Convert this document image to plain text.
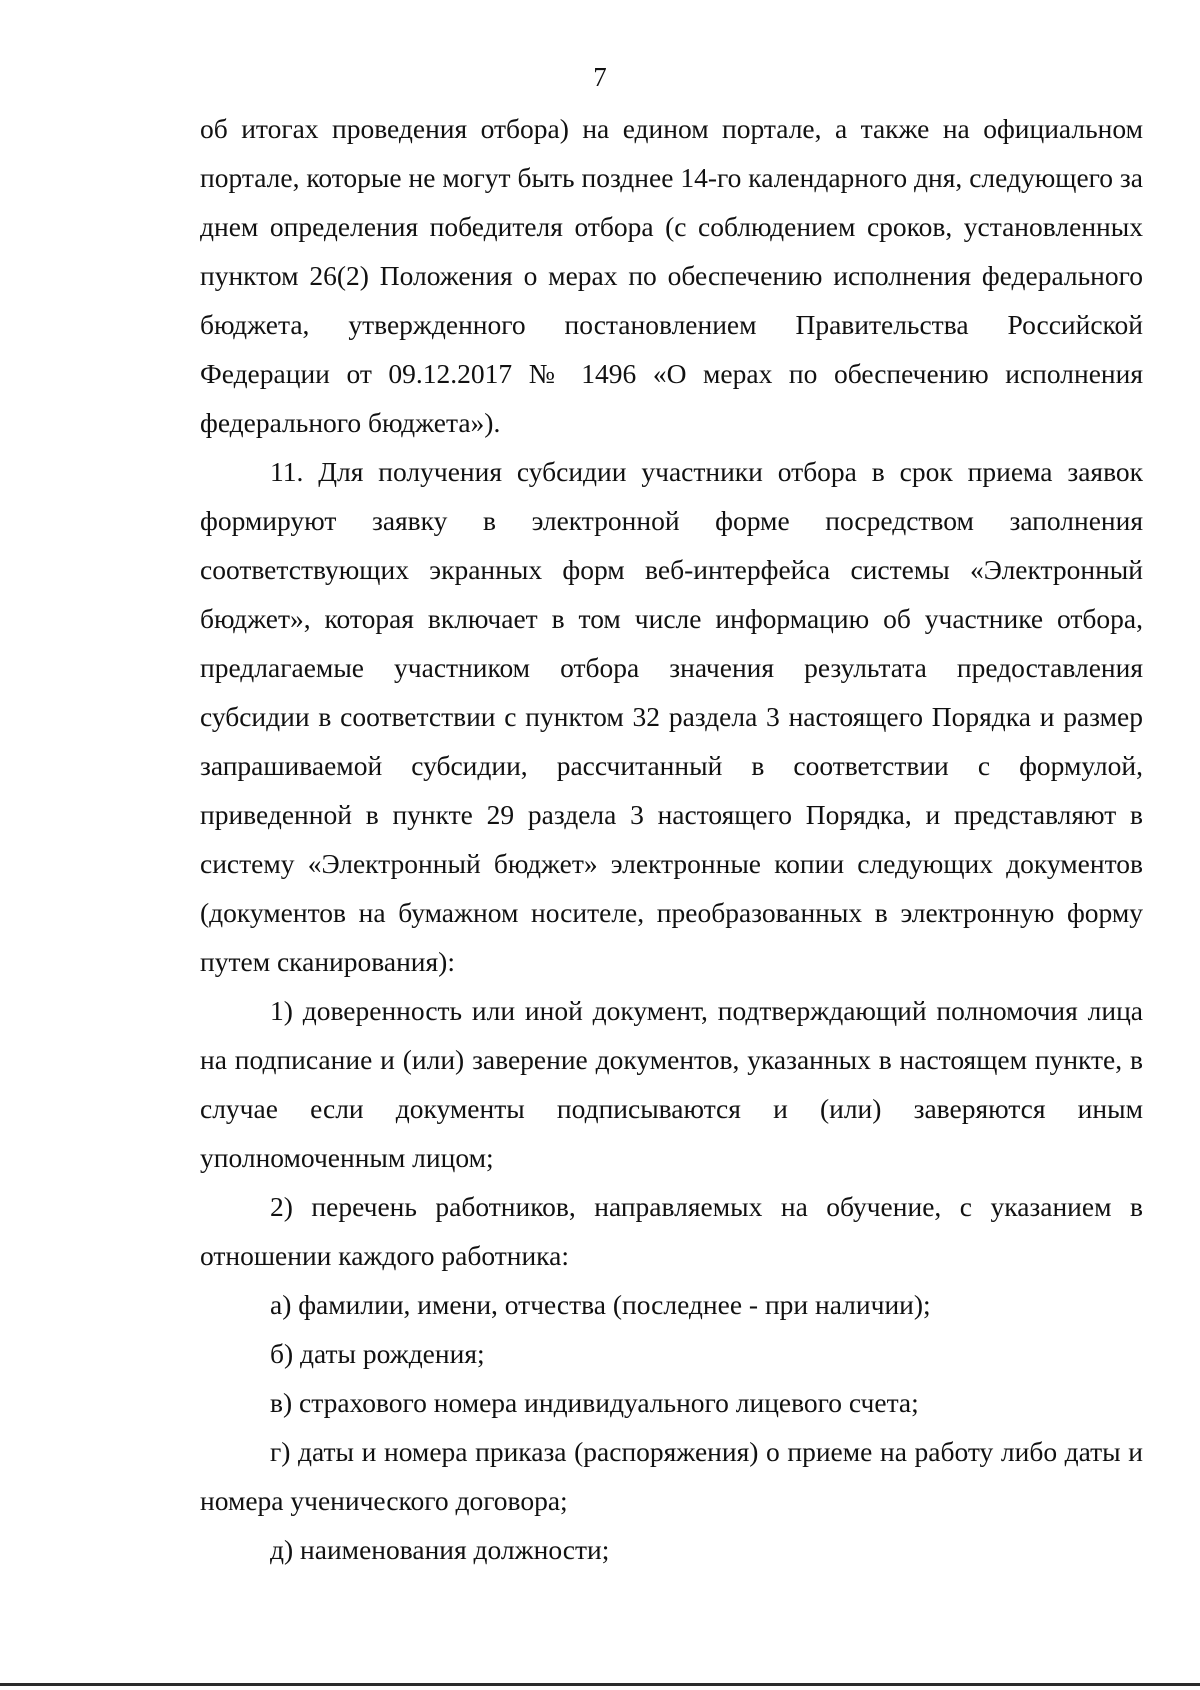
7

об итогах проведения отбора) на едином портале, а также на официальном портале, которые не могут быть позднее 14-го календарного дня, следующего за днем определения победителя отбора (с соблюдением сроков, установленных пунктом 26(2) Положения о мерах по обеспечению исполнения федерального бюджета, утвержденного постановлением Правительства Российской Федерации от 09.12.2017 № 1496 «О мерах по обеспечению исполнения федерального бюджета»).

11. Для получения субсидии участники отбора в срок приема заявок формируют заявку в электронной форме посредством заполнения соответствующих экранных форм веб-интерфейса системы «Электронный бюджет», которая включает в том числе информацию об участнике отбора, предлагаемые участником отбора значения результата предоставления субсидии в соответствии с пунктом 32 раздела 3 настоящего Порядка и размер запрашиваемой субсидии, рассчитанный в соответствии с формулой, приведенной в пункте 29 раздела 3 настоящего Порядка, и представляют в систему «Электронный бюджет» электронные копии следующих документов (документов на бумажном носителе, преобразованных в электронную форму путем сканирования):

1) доверенность или иной документ, подтверждающий полномочия лица на подписание и (или) заверение документов, указанных в настоящем пункте, в случае если документы подписываются и (или) заверяются иным уполномоченным лицом;

2) перечень работников, направляемых на обучение, с указанием в отношении каждого работника:

а) фамилии, имени, отчества (последнее - при наличии);

б) даты рождения;

в) страхового номера индивидуального лицевого счета;

г) даты и номера приказа (распоряжения) о приеме на работу либо даты и номера ученического договора;

д) наименования должности;
